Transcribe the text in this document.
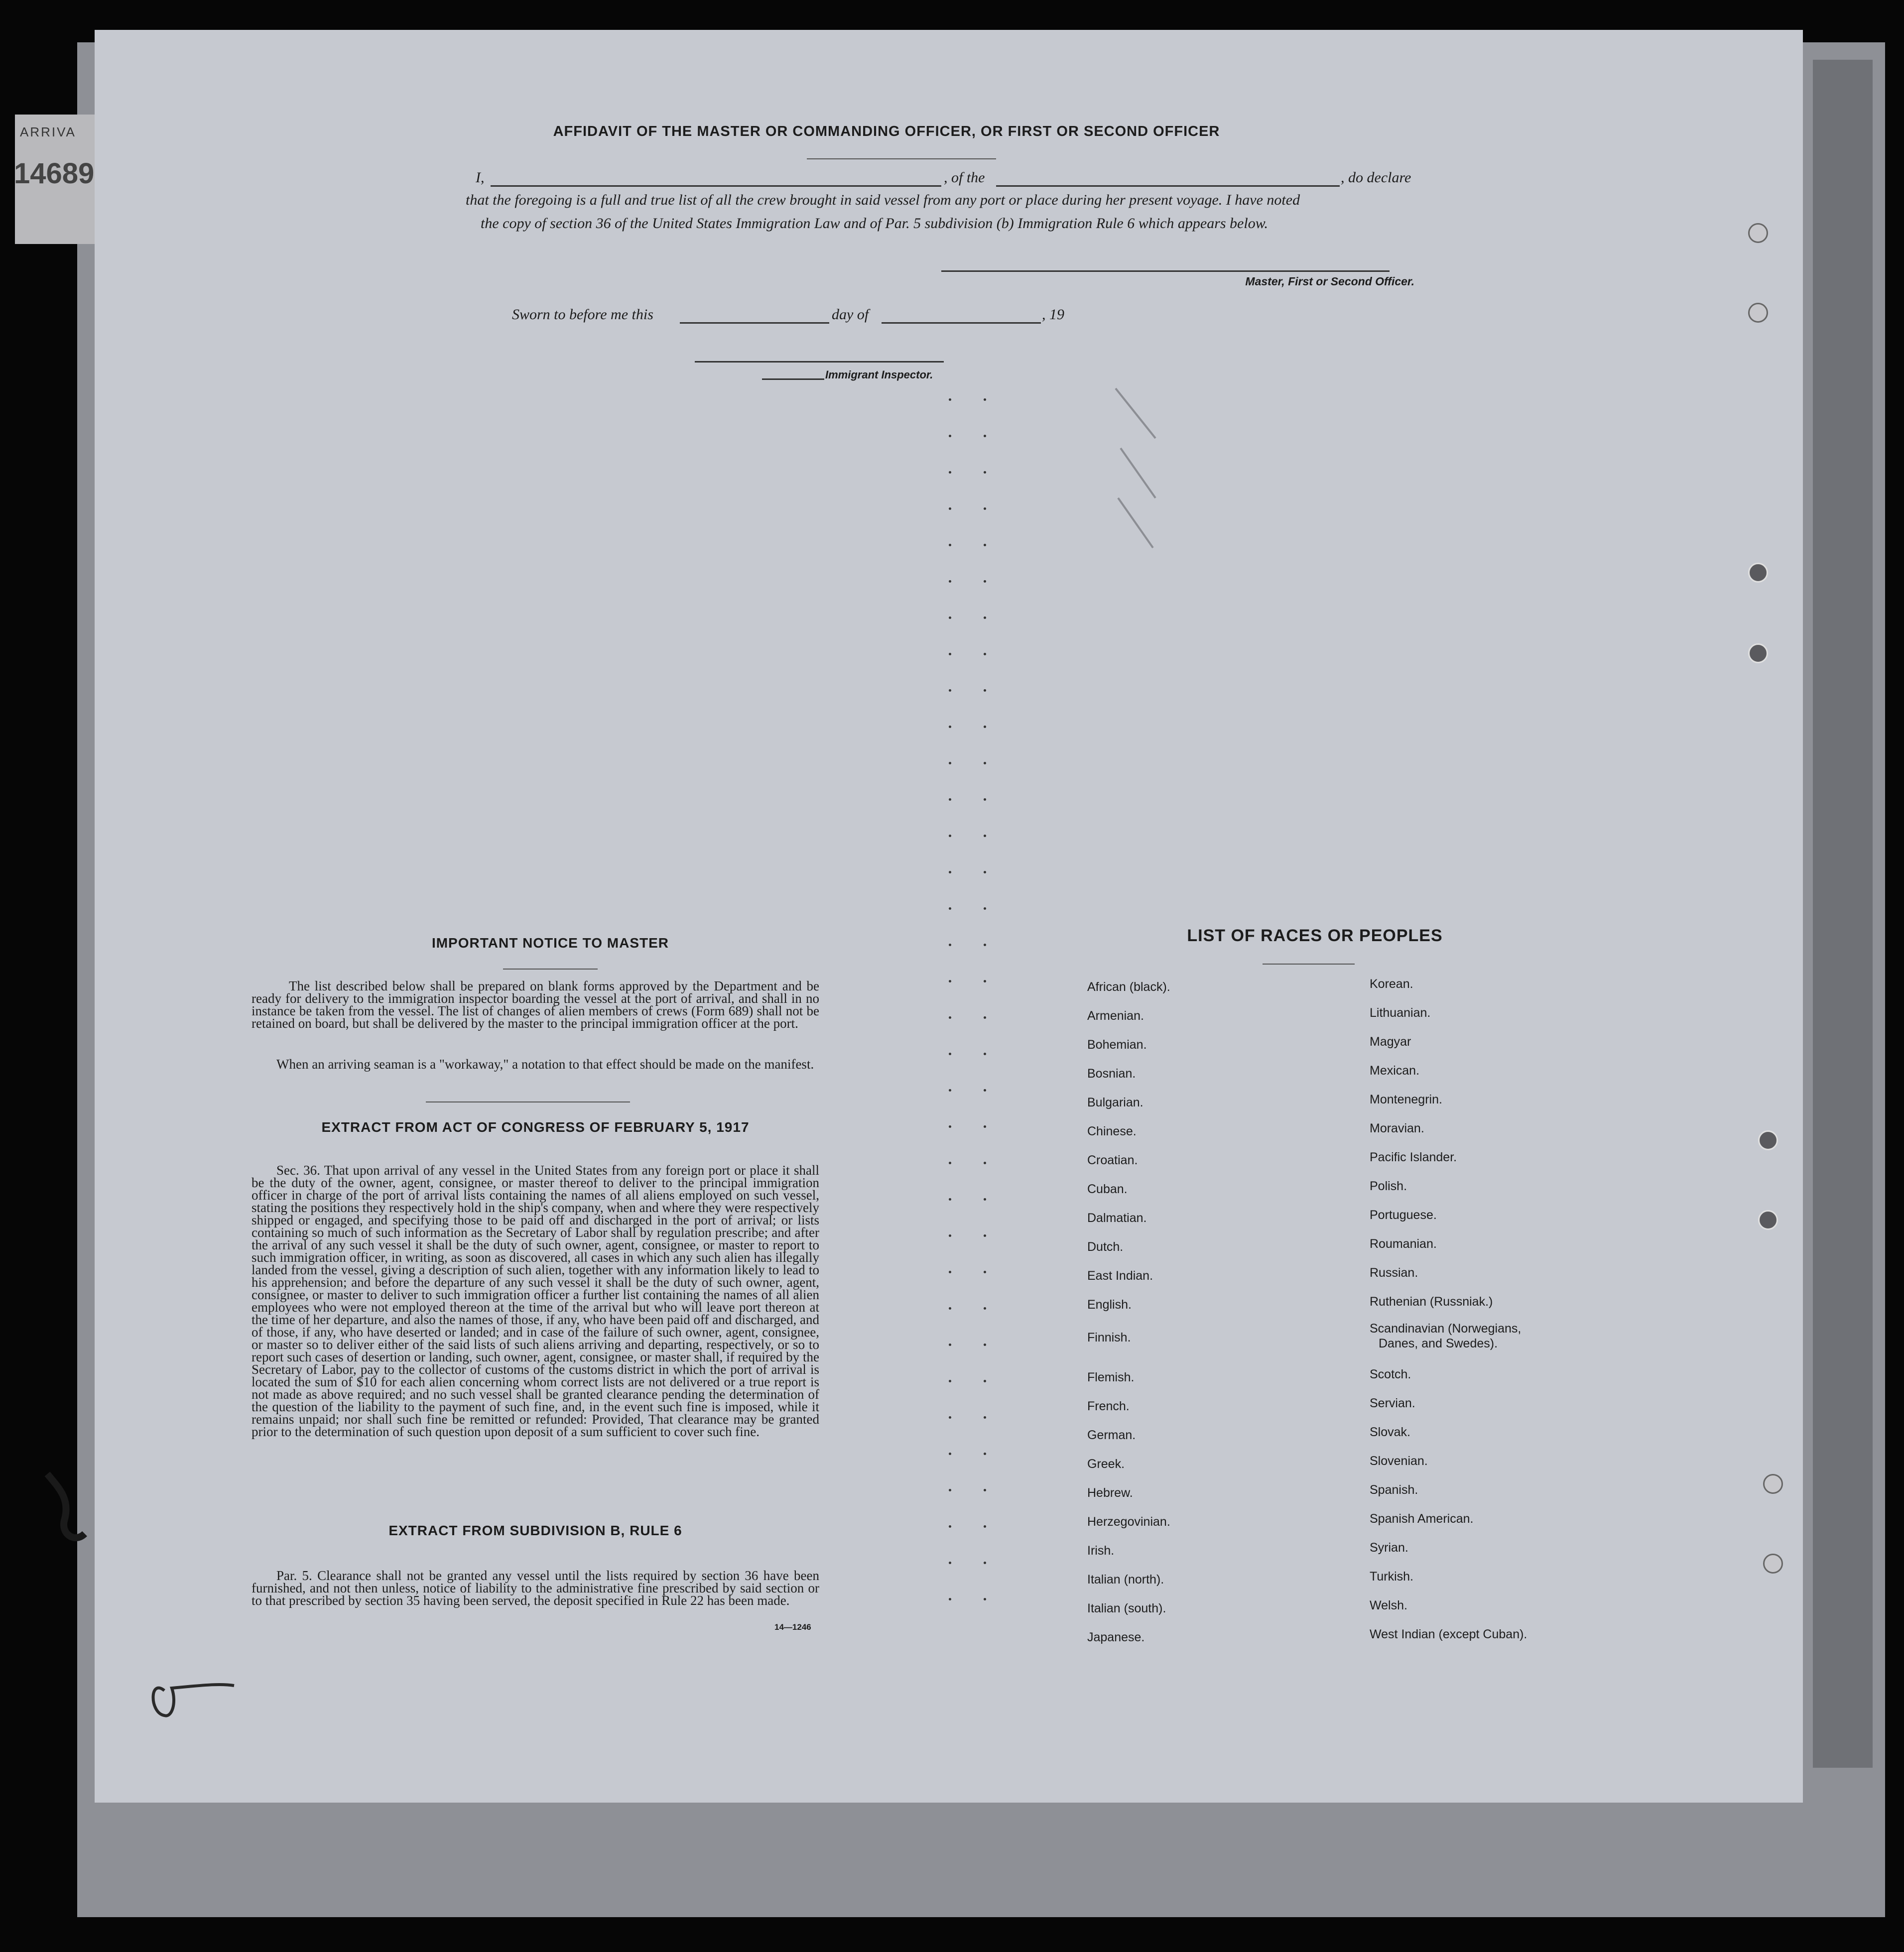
ARRIVA
14689
AFFIDAVIT OF THE MASTER OR COMMANDING OFFICER, OR FIRST OR SECOND OFFICER
I,	, of the	, do declare
that the foregoing is a full and true list of all the crew brought in said vessel from any port or place during her present voyage. I have noted
the copy of section 36 of the United States Immigration Law and of Par. 5 subdivision (b) Immigration Rule 6 which appears below.
Master, First or Second Officer.
Sworn to before me this	day of	, 19
Immigrant Inspector.
IMPORTANT NOTICE TO MASTER
The list described below shall be prepared on blank forms approved by the Department and be ready for delivery to the immigration inspector boarding the vessel at the port of arrival, and shall in no instance be taken from the vessel. The list of changes of alien members of crews (Form 689) shall not be retained on board, but shall be delivered by the master to the principal immigration officer at the port.
When an arriving seaman is a "workaway," a notation to that effect should be made on the manifest.
EXTRACT FROM ACT OF CONGRESS OF FEBRUARY 5, 1917
Sec. 36. That upon arrival of any vessel in the United States from any foreign port or place it shall be the duty of the owner, agent, consignee, or master thereof to deliver to the principal immigration officer in charge of the port of arrival lists containing the names of all aliens employed on such vessel, stating the positions they respectively hold in the ship's company, when and where they were respectively shipped or engaged, and specifying those to be paid off and discharged in the port of arrival; or lists containing so much of such information as the Secretary of Labor shall by regulation prescribe; and after the arrival of any such vessel it shall be the duty of such owner, agent, consignee, or master to report to such immigration officer, in writing, as soon as discovered, all cases in which any such alien has illegally landed from the vessel, giving a description of such alien, together with any information likely to lead to his apprehension; and before the departure of any such vessel it shall be the duty of such owner, agent, consignee, or master to deliver to such immigration officer a further list containing the names of all alien employees who were not employed thereon at the time of the arrival but who will leave port thereon at the time of her departure, and also the names of those, if any, who have been paid off and discharged, and of those, if any, who have deserted or landed; and in case of the failure of such owner, agent, consignee, or master so to deliver either of the said lists of such aliens arriving and departing, respectively, or so to report such cases of desertion or landing, such owner, agent, consignee, or master shall, if required by the Secretary of Labor, pay to the collector of customs of the customs district in which the port of arrival is located the sum of $10 for each alien concerning whom correct lists are not delivered or a true report is not made as above required; and no such vessel shall be granted clearance pending the determination of the question of the liability to the payment of such fine, and, in the event such fine is imposed, while it remains unpaid; nor shall such fine be remitted or refunded: Provided, That clearance may be granted prior to the determination of such question upon deposit of a sum sufficient to cover such fine.
EXTRACT FROM SUBDIVISION B, RULE 6
Par. 5. Clearance shall not be granted any vessel until the lists required by section 36 have been furnished, and not then unless, notice of liability to the administrative fine prescribed by said section or to that prescribed by section 35 having been served, the deposit specified in Rule 22 has been made.
14—1246
LIST OF RACES OR PEOPLES
African (black).
Armenian.
Bohemian.
Bosnian.
Bulgarian.
Chinese.
Croatian.
Cuban.
Dalmatian.
Dutch.
East Indian.
English.
Finnish.
Flemish.
French.
German.
Greek.
Hebrew.
Herzegovinian.
Irish.
Italian (north).
Italian (south).
Japanese.
Korean.
Lithuanian.
Magyar
Mexican.
Montenegrin.
Moravian.
Pacific Islander.
Polish.
Portuguese.
Roumanian.
Russian.
Ruthenian (Russniak.)
Scandinavian (Norwegians,
Danes, and Swedes).
Scotch.
Servian.
Slovak.
Slovenian.
Spanish.
Spanish American.
Syrian.
Turkish.
Welsh.
West Indian (except Cuban).
